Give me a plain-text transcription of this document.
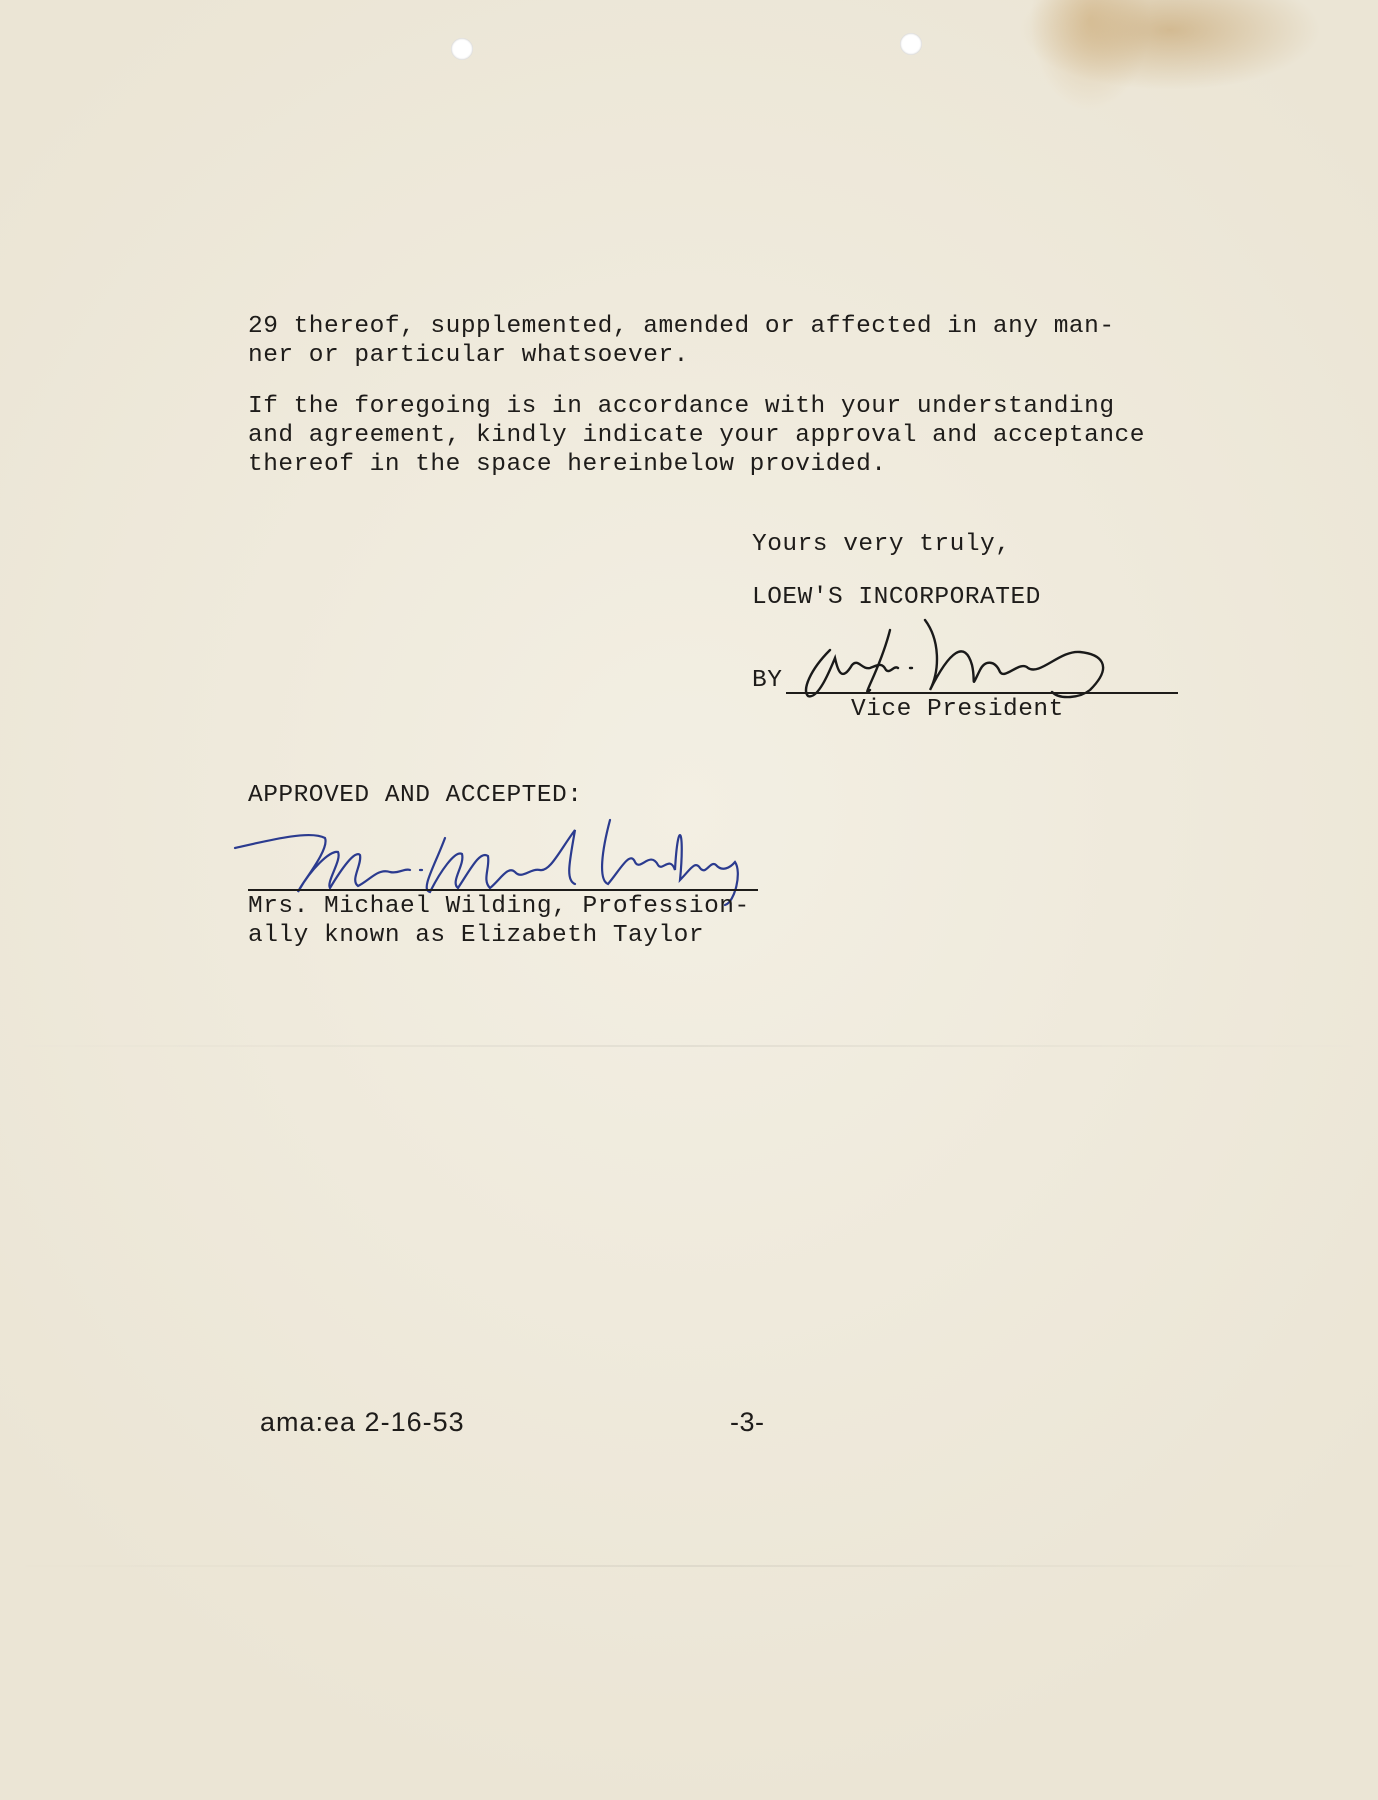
29 thereof, supplemented, amended or affected in any man-
ner or particular whatsoever.
If the foregoing is in accordance with your understanding
and agreement, kindly indicate your approval and acceptance
thereof in the space hereinbelow provided.
Yours very truly,
LOEW'S INCORPORATED
BY
Vice President
APPROVED AND ACCEPTED:
Mrs. Michael Wilding, Profession-
ally known as Elizabeth Taylor
ama:ea 2-16-53	-3-
